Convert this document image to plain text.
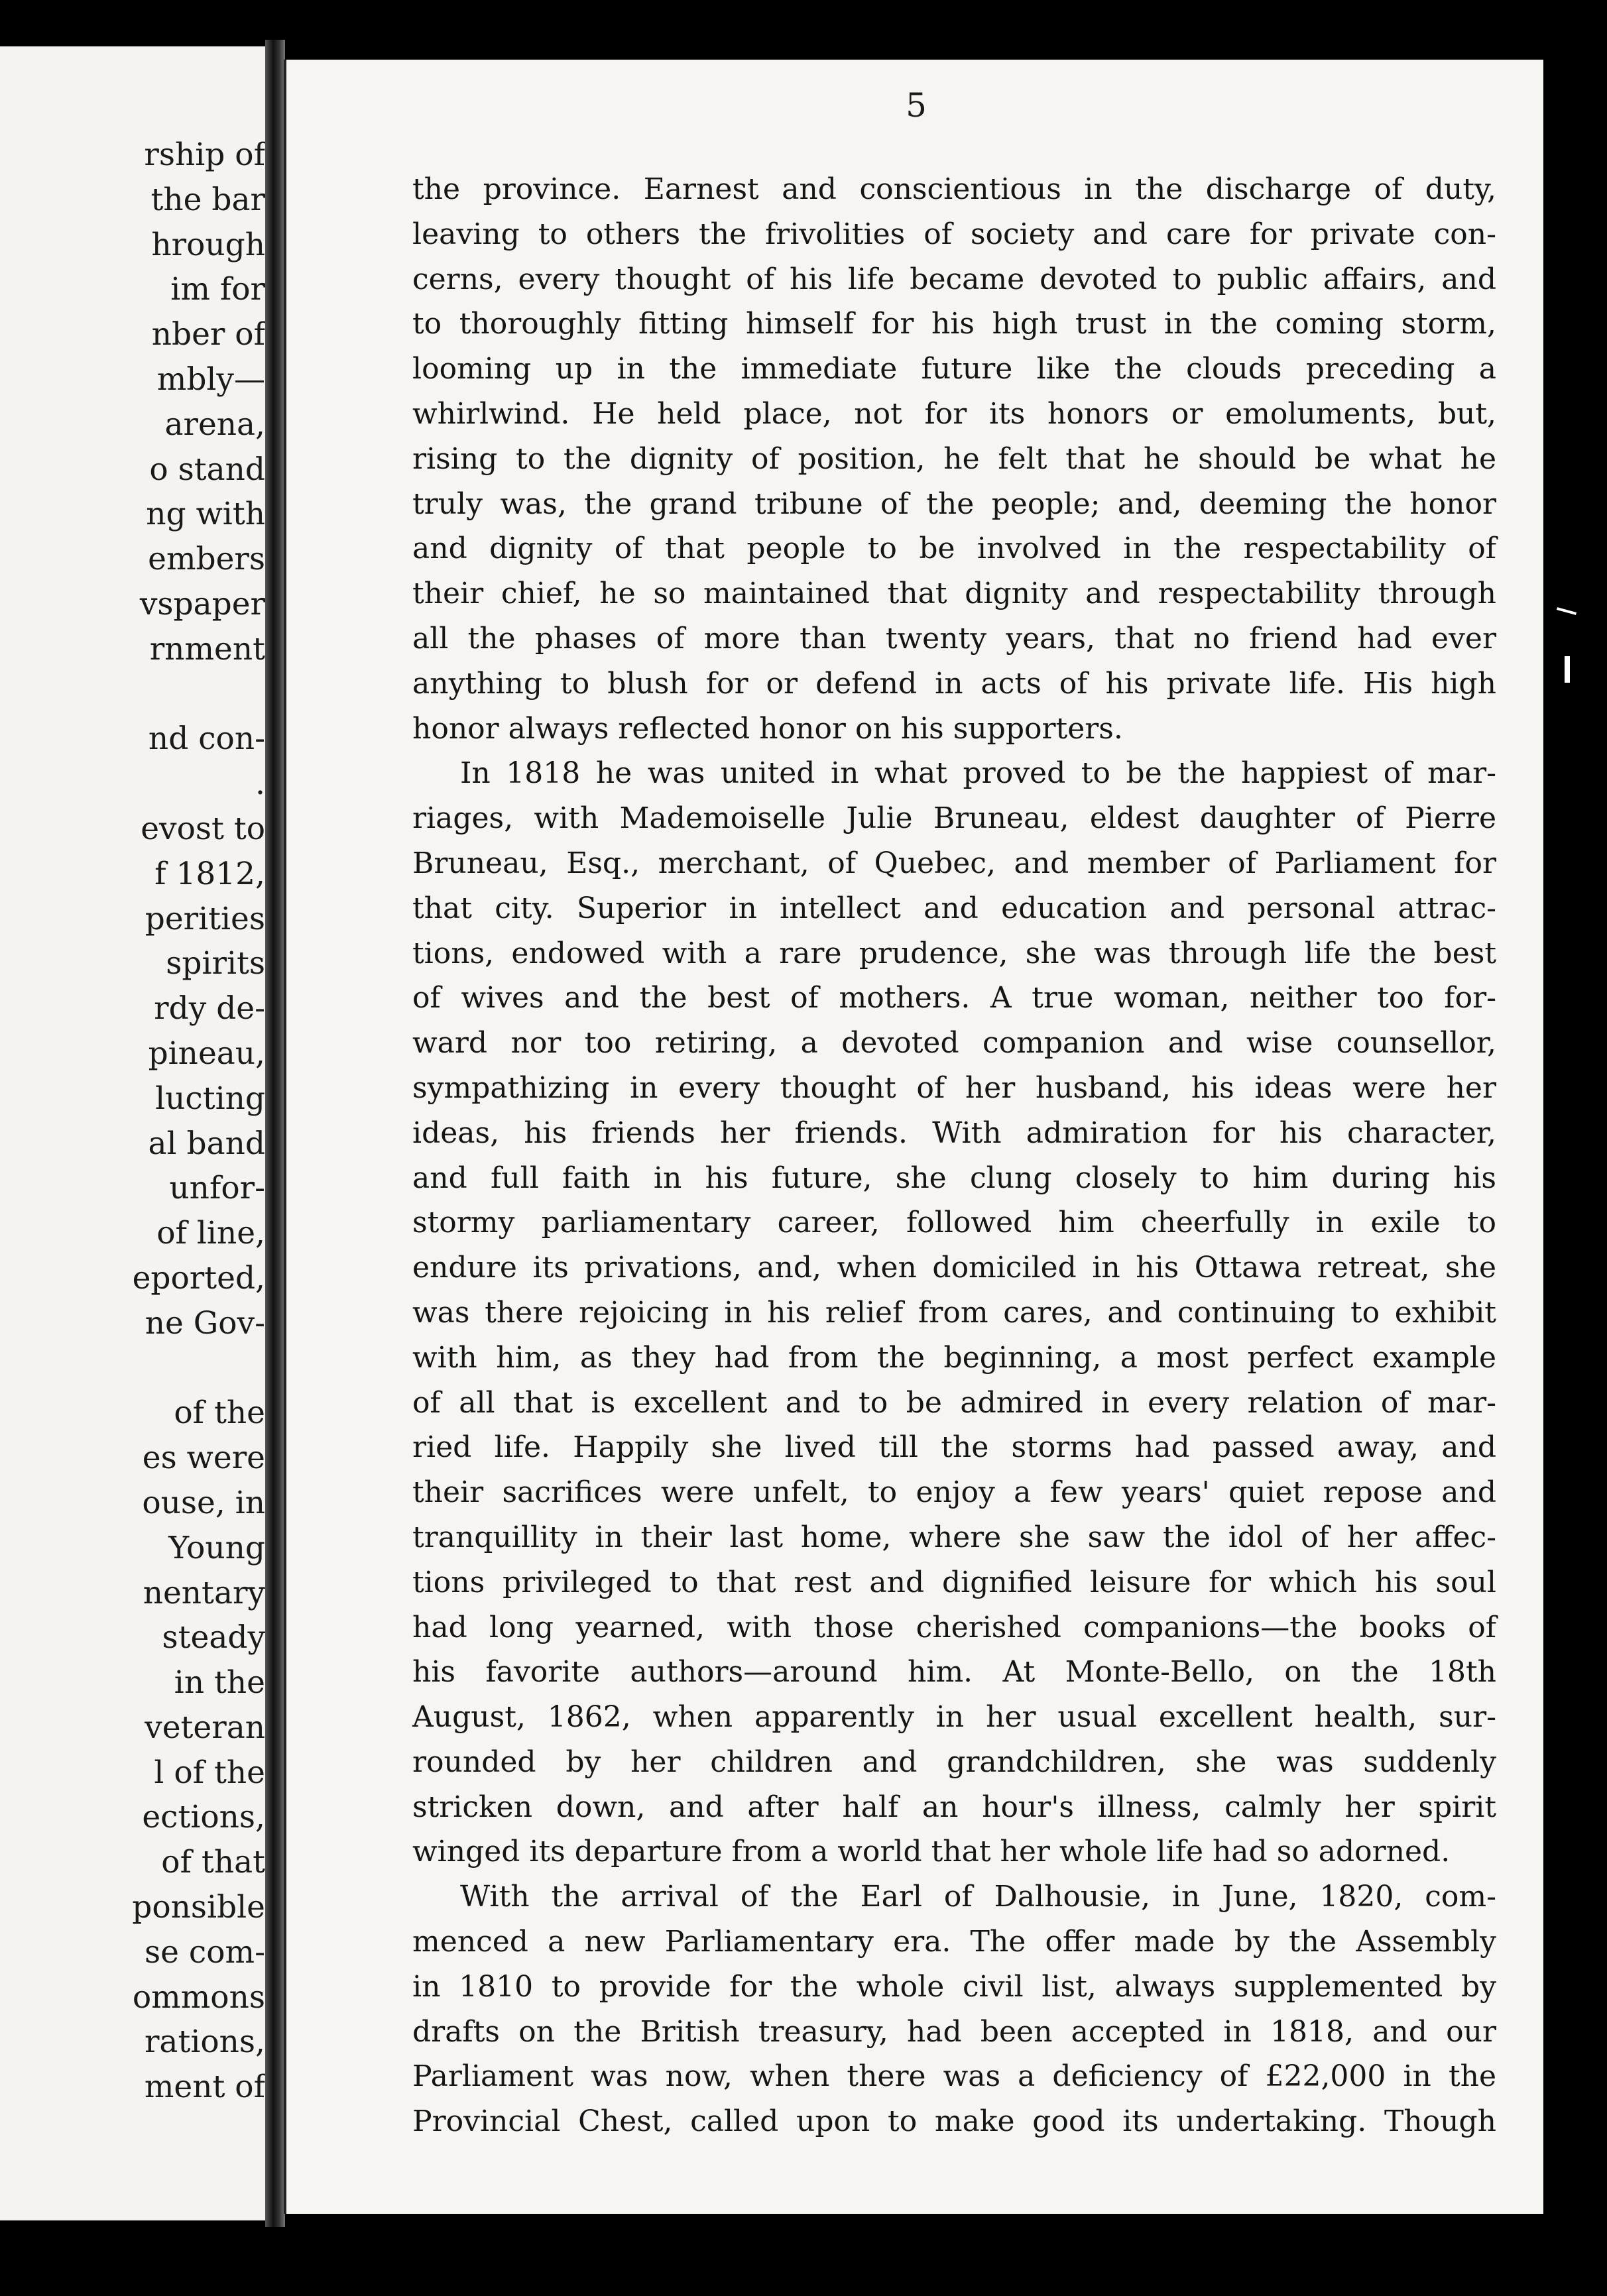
rship of
the bar
hrough
im for
nber of
mbly—
arena,
o stand
ng with
embers
vspaper
rnment
nd con-
.
evost to
f 1812,
perities
spirits
rdy de-
pineau,
lucting
al band
unfor-
of line,
eported,
ne Gov-
of the
es were
ouse, in
Young
nentary
steady
in the
veteran
l of the
ections,
of that
ponsible
se com-
ommons
rations,
ment of
5
the province. Earnest and conscientious in the discharge of duty,
leaving to others the frivolities of society and care for private con-
cerns, every thought of his life became devoted to public affairs, and
to thoroughly fitting himself for his high trust in the coming storm,
looming up in the immediate future like the clouds preceding a
whirlwind. He held place, not for its honors or emoluments, but,
rising to the dignity of position, he felt that he should be what he
truly was, the grand tribune of the people; and, deeming the honor
and dignity of that people to be involved in the respectability of
their chief, he so maintained that dignity and respectability through
all the phases of more than twenty years, that no friend had ever
anything to blush for or defend in acts of his private life. His high
honor always reflected honor on his supporters.
In 1818 he was united in what proved to be the happiest of mar-
riages, with Mademoiselle Julie Bruneau, eldest daughter of Pierre
Bruneau, Esq., merchant, of Quebec, and member of Parliament for
that city. Superior in intellect and education and personal attrac-
tions, endowed with a rare prudence, she was through life the best
of wives and the best of mothers. A true woman, neither too for-
ward nor too retiring, a devoted companion and wise counsellor,
sympathizing in every thought of her husband, his ideas were her
ideas, his friends her friends. With admiration for his character,
and full faith in his future, she clung closely to him during his
stormy parliamentary career, followed him cheerfully in exile to
endure its privations, and, when domiciled in his Ottawa retreat, she
was there rejoicing in his relief from cares, and continuing to exhibit
with him, as they had from the beginning, a most perfect example
of all that is excellent and to be admired in every relation of mar-
ried life. Happily she lived till the storms had passed away, and
their sacrifices were unfelt, to enjoy a few years' quiet repose and
tranquillity in their last home, where she saw the idol of her affec-
tions privileged to that rest and dignified leisure for which his soul
had long yearned, with those cherished companions—the books of
his favorite authors—around him. At Monte-Bello, on the 18th
August, 1862, when apparently in her usual excellent health, sur-
rounded by her children and grandchildren, she was suddenly
stricken down, and after half an hour's illness, calmly her spirit
winged its departure from a world that her whole life had so adorned.
With the arrival of the Earl of Dalhousie, in June, 1820, com-
menced a new Parliamentary era. The offer made by the Assembly
in 1810 to provide for the whole civil list, always supplemented by
drafts on the British treasury, had been accepted in 1818, and our
Parliament was now, when there was a deficiency of £22,000 in the
Provincial Chest, called upon to make good its undertaking. Though
